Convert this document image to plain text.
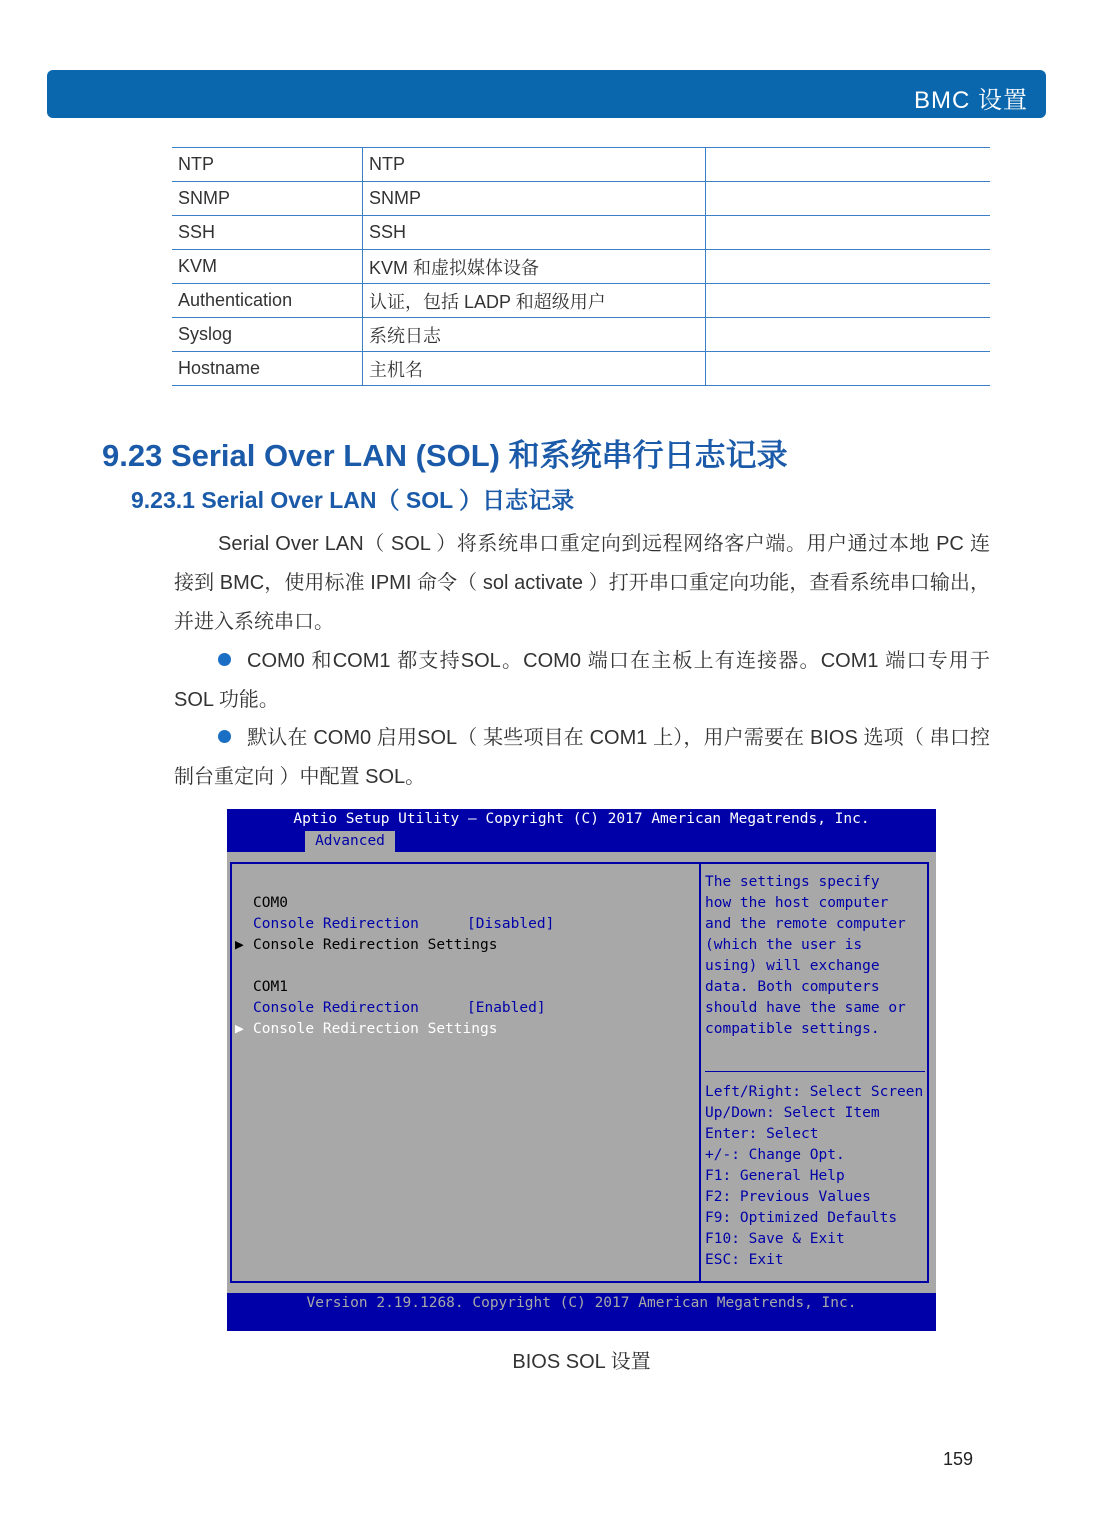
BMC 设置
NTP	NTP	
SNMP	SNMP	
SSH	SSH	
KVM	KVM 和虚拟媒体设备	
Authentication	认证，包括 LADP 和超级用户	
Syslog	系统日志	
Hostname	主机名	
9.23 Serial Over LAN (SOL) 和系统串行日志记录
9.23.1 Serial Over LAN（ SOL ）日志记录
Serial Over LAN（ SOL ）将系统串口重定向到远程网络客户端。用户通过本地 PC 连接到 BMC，使用标准 IPMI 命令（ sol activate ）打开串口重定向功能，查看系统串口输出，并进入系统串口。
COM0 和COM1 都支持SOL。COM0 端口在主板上有连接器。COM1 端口专用于SOL 功能。
默认在 COM0 启用SOL（ 某些项目在 COM1 上），用户需要在 BIOS 选项（ 串口控制台重定向 ）中配置 SOL。
Aptio Setup Utility – Copyright (C) 2017 American Megatrends, Inc.
Advanced
COM0
Console Redirection	[Disabled]
▶ Console Redirection Settings
COM1
Console Redirection	[Enabled]
▶ Console Redirection Settings
The settings specify
how the host computer
and the remote computer
(which the user is
using) will exchange
data. Both computers
should have the same or
compatible settings.
Left/Right: Select Screen
Up/Down: Select Item
Enter: Select
+/-: Change Opt.
F1: General Help
F2: Previous Values
F9: Optimized Defaults
F10: Save & Exit
ESC: Exit
Version 2.19.1268. Copyright (C) 2017 American Megatrends, Inc.
BIOS SOL 设置
159
